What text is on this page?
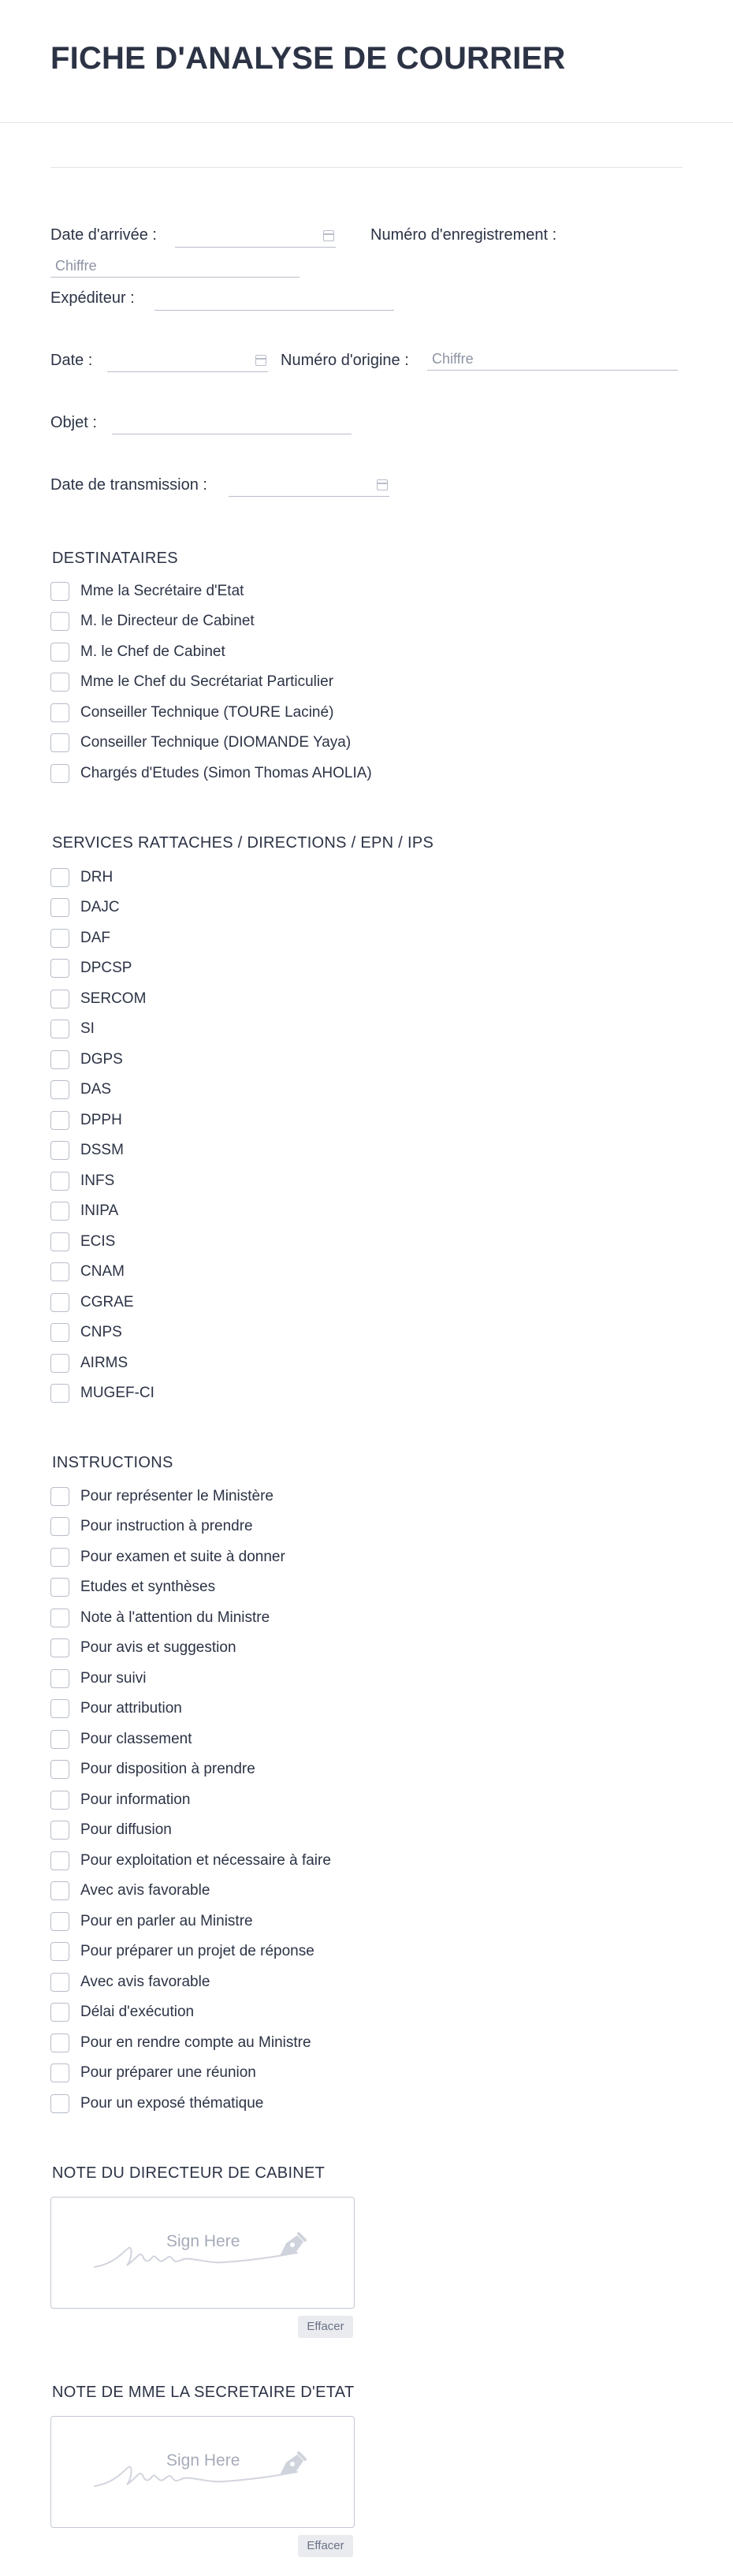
FICHE D'ANALYSE DE COURRIER
Date d'arrivée :	Numéro d'enregistrement :
Chiffre
Expéditeur :
Date :	Numéro d'origine :	Chiffre
Objet :
Date de transmission :
DESTINATAIRES
Mme la Secrétaire d'Etat
M. le Directeur de Cabinet
M. le Chef de Cabinet
Mme le Chef du Secrétariat Particulier
Conseiller Technique (TOURE Laciné)
Conseiller Technique (DIOMANDE Yaya)
Chargés d'Etudes (Simon Thomas AHOLIA)
SERVICES RATTACHES / DIRECTIONS / EPN / IPS
DRH
DAJC
DAF
DPCSP
SERCOM
SI
DGPS
DAS
DPPH
DSSM
INFS
INIPA
ECIS
CNAM
CGRAE
CNPS
AIRMS
MUGEF-CI
INSTRUCTIONS
Pour représenter le Ministère
Pour instruction à prendre
Pour examen et suite à donner
Etudes et synthèses
Note à l'attention du Ministre
Pour avis et suggestion
Pour suivi
Pour attribution
Pour classement
Pour disposition à prendre
Pour information
Pour diffusion
Pour exploitation et nécessaire à faire
Avec avis favorable
Pour en parler au Ministre
Pour préparer un projet de réponse
Avec avis favorable
Délai d'exécution
Pour en rendre compte au Ministre
Pour préparer une réunion
Pour un exposé thématique
NOTE DU DIRECTEUR DE CABINET
Sign Here
Effacer
NOTE DE MME LA SECRETAIRE D'ETAT
Sign Here
Effacer
